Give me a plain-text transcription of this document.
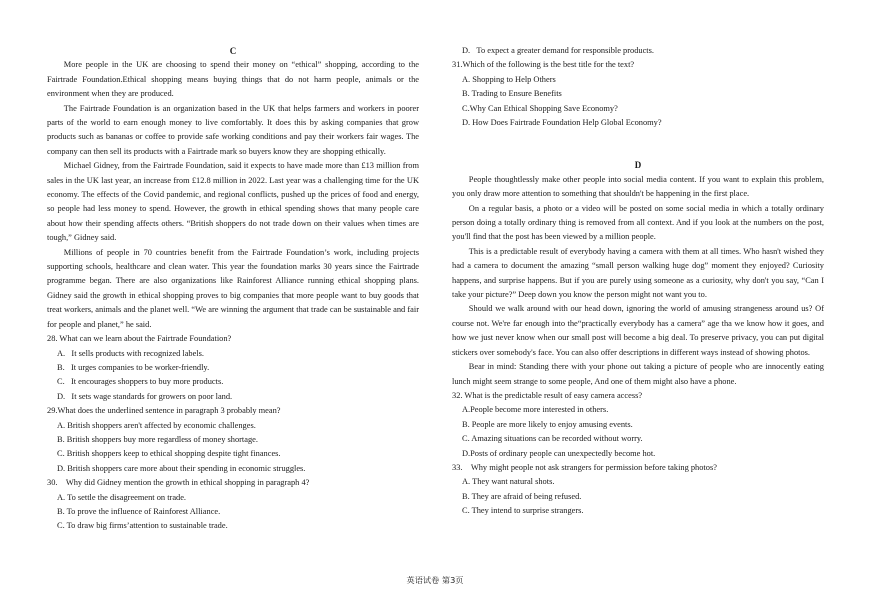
C

More people in the UK are choosing to spend their money on “ethical” shopping, according to the Fairtrade Foundation.Ethical shopping means buying things that do not harm people, animals or the environment when they are produced.

The Fairtrade Foundation is an organization based in the UK that helps farmers and workers in poorer parts of the world to earn enough money to live comfortably. It does this by asking companies that grow products such as bananas or coffee to provide safe working conditions and pay their workers fair wages. The company can then sell its products with a Fairtrade mark so buyers know they are shopping ethically.

Michael Gidney, from the Fairtrade Foundation, said it expects to have made more than £13 million from sales in the UK last year, an increase from £12.8 million in 2022. Last year was a challenging time for the UK economy. The effects of the Covid pandemic, and regional conflicts, pushed up the prices of food and energy, so people had less money to spend. However, the growth in ethical spending shows that many people care about how their spending affects others. “British shoppers do not trade down on their values when times are tough,” Gidney said.

Millions of people in 70 countries benefit from the Fairtrade Foundation’s work, including projects supporting schools, healthcare and clean water. This year the foundation marks 30 years since the Fairtrade programme began. There are also organizations like Rainforest Alliance running ethical shopping plans. Gidney said the growth in ethical shopping proves to big companies that more people want to buy goods that treat workers, animals and the planet well. “We are winning the argument that trade can be sustainable and fair for people and planet,” he said.

28. What can we learn about the Fairtrade Foundation?

A.   It sells products with recognized labels.

B.   It urges companies to be worker-friendly.

C.   It encourages shoppers to buy more products.

D.   It sets wage standards for growers on poor land.

29.What does the underlined sentence in paragraph 3 probably mean?

A. British shoppers aren't affected by economic challenges.

B. British shoppers buy more regardless of money shortage.

C. British shoppers keep to ethical shopping despite tight finances.

D. British shoppers care more about their spending in economic struggles.

30.    Why did Gidney mention the growth in ethical shopping in paragraph 4?

A. To settle the disagreement on trade.

B. To prove the influence of Rainforest Alliance.

C. To draw big firms’attention to sustainable trade.

D.   To expect a greater demand for responsible products.

31.Which of the following is the best title for the text?

A. Shopping to Help Others

B. Trading to Ensure Benefits

C.Why Can Ethical Shopping Save Economy?

D. How Does Fairtrade Foundation Help Global Economy?

D

People thoughtlessly make other people into social media content. If you want to explain this problem, you only draw more attention to something that shouldn't be happening in the first place.

On a regular basis, a photo or a video will be posted on some social media in which a totally ordinary person doing a totally ordinary thing is removed from all context. And if you look at the numbers on the post, you'll find that the post has been viewed by a million people.

This is a predictable result of everybody having a camera with them at all times. Who hasn't wished they had a camera to document the amazing “small person walking huge dog” moment they enjoyed? Curiosity happens, and surprise happens. But if you are purely using someone as a curiosity, why don't you say, “Can I take your picture?” Deep down you know the person might not want you to.

Should we walk around with our head down, ignoring the world of amusing strangeness around us? Of course not. We're far enough into the“practically everybody has a camera” age tha we know how it goes, and how we just never know when our small post will become a big deal. To preserve privacy, you can put digital stickers over somebody's face. You can also offer descriptions in different ways instead of showing photos.

Bear in mind: Standing there with your phone out taking a picture of people who are innocently eating lunch might seem strange to some people, And one of them might also have a phone.

32. What is the predictable result of easy camera access?

A.People become more interested in others.

B. People are more likely to enjoy amusing events.

C. Amazing situations can be recorded without worry.

D.Posts of ordinary people can unexpectedly become hot.

33.    Why might people not ask strangers for permission before taking photos?

A. They want natural shots.

B. They are afraid of being refused.

C. They intend to surprise strangers.

英语试卷 第3页
